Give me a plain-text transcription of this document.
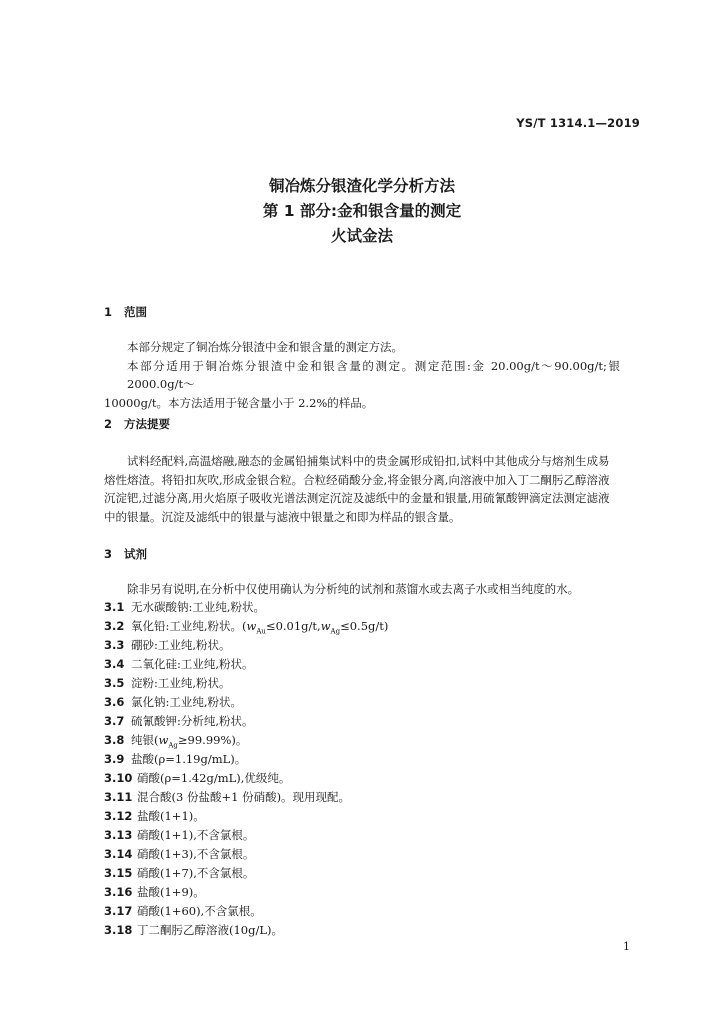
YS/T 1314.1—2019
铜冶炼分银渣化学分析方法
第 1 部分:金和银含量的测定
火试金法
1 范围
本部分规定了铜冶炼分银渣中金和银含量的测定方法。
本部分适用于铜冶炼分银渣中金和银含量的测定。测定范围:金 20.00g/t～90.00g/t;银 2000.0g/t～
10000g/t。本方法适用于铋含量小于 2.2%的样品。
2 方法提要
试料经配料,高温熔融,融态的金属铅捕集试料中的贵金属形成铅扣,试料中其他成分与熔剂生成易
熔性熔渣。将铅扣灰吹,形成金银合粒。合粒经硝酸分金,将金银分离,向溶液中加入丁二酮肟乙醇溶液
沉淀钯,过滤分离,用火焰原子吸收光谱法测定沉淀及滤纸中的金量和银量,用硫氰酸钾滴定法测定滤液
中的银量。沉淀及滤纸中的银量与滤液中银量之和即为样品的银含量。
3 试剂
除非另有说明,在分析中仅使用确认为分析纯的试剂和蒸馏水或去离子水或相当纯度的水。
3.1 无水碳酸钠:工业纯,粉状。
3.2 氧化铅:工业纯,粉状。$(w_{Au}\le 0.01g/t,w_{Ag}\le 0.5g/t)$
3.3 硼砂:工业纯,粉状。
3.4 二氧化硅:工业纯,粉状。
3.5 淀粉:工业纯,粉状。
3.6 氯化钠:工业纯,粉状。
3.7 硫氰酸钾:分析纯,粉状。
3.8 纯银$(w_{Ag}\ge 99.99\%)$。
3.9 盐酸(ρ=1.19g/mL)。
3.10 硝酸(ρ=1.42g/mL),优级纯。
3.11 混合酸(3 份盐酸+1 份硝酸)。现用现配。
3.12 盐酸(1+1)。
3.13 硝酸(1+1),不含氯根。
3.14 硝酸(1+3),不含氯根。
3.15 硝酸(1+7),不含氯根。
3.16 盐酸(1+9)。
3.17 硝酸(1+60),不含氯根。
3.18 丁二酮肟乙醇溶液(10g/L)。
1
